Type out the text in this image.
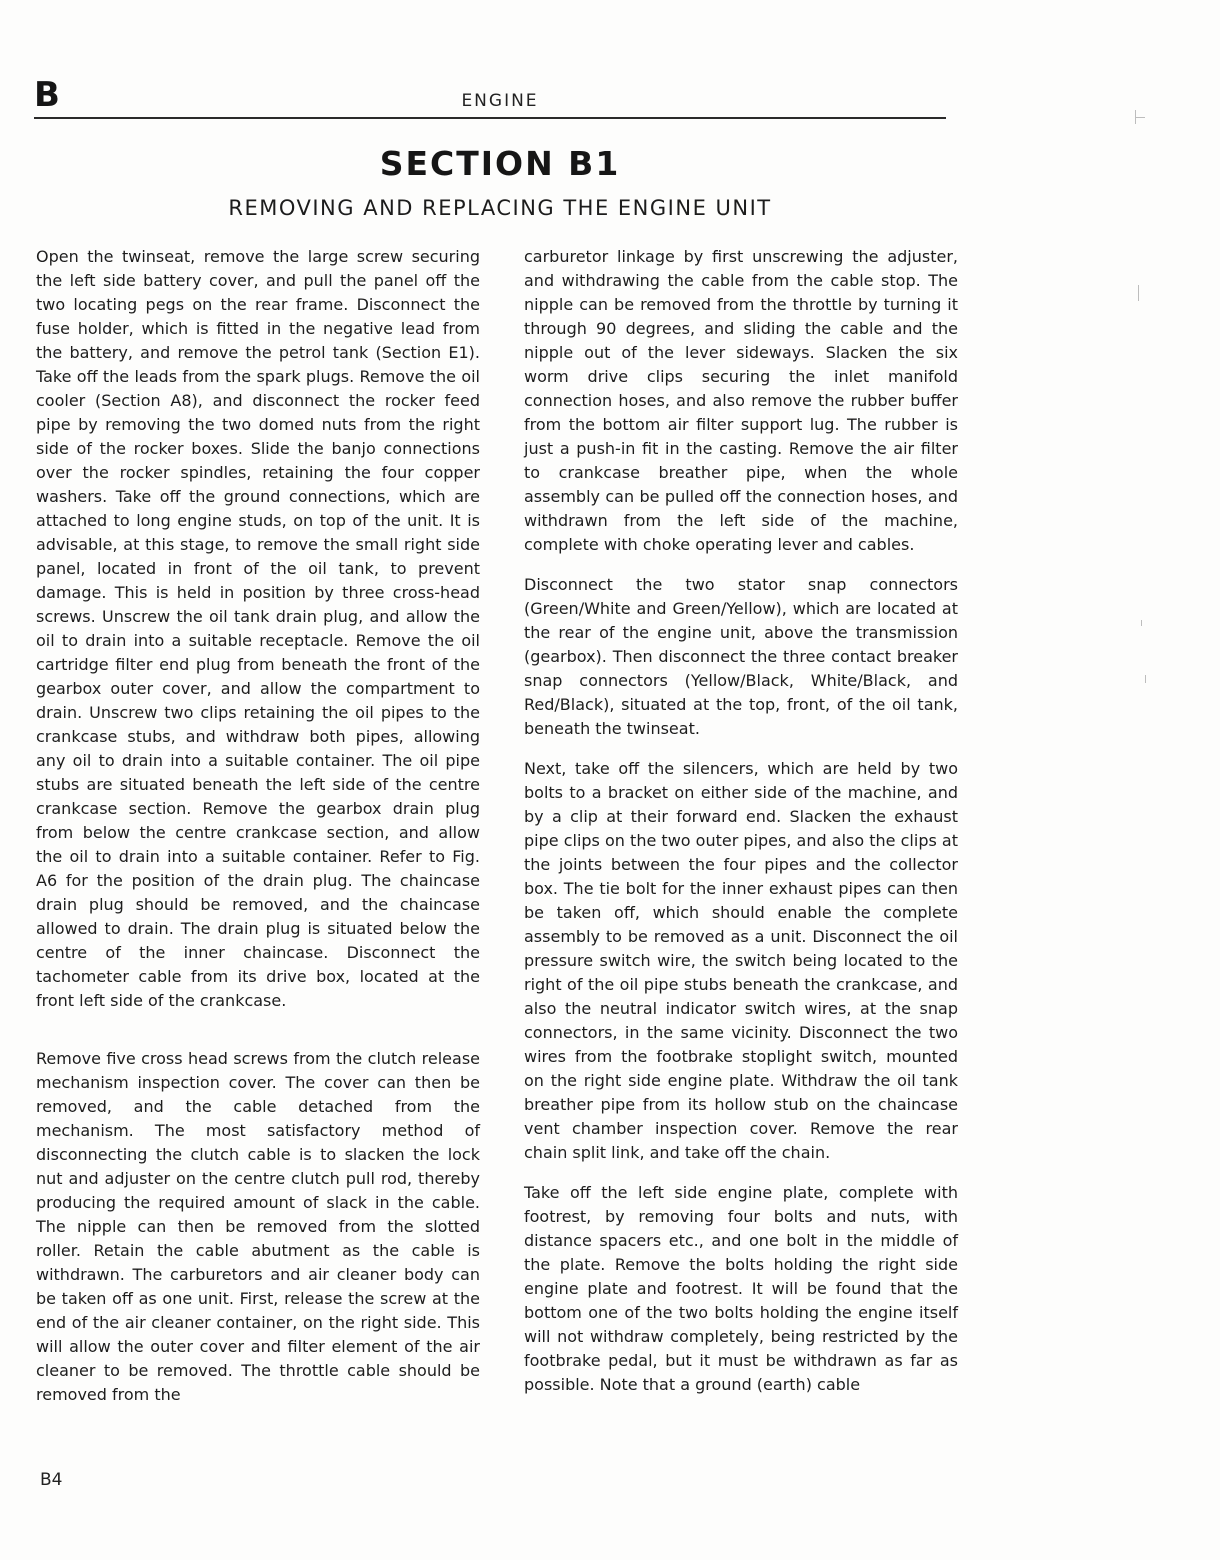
B	ENGINE
SECTION B1
REMOVING AND REPLACING THE ENGINE UNIT

Open the twinseat, remove the large screw securing the left side battery cover, and pull the panel off the two locating pegs on the rear frame. Disconnect the fuse holder, which is fitted in the negative lead from the battery, and remove the petrol tank (Section E1). Take off the leads from the spark plugs. Remove the oil cooler (Section A8), and disconnect the rocker feed pipe by removing the two domed nuts from the right side of the rocker boxes. Slide the banjo connections over the rocker spindles, retaining the four copper washers. Take off the ground connections, which are attached to long engine studs, on top of the unit. It is advisable, at this stage, to remove the small right side panel, located in front of the oil tank, to prevent damage. This is held in position by three cross-head screws. Unscrew the oil tank drain plug, and allow the oil to drain into a suitable receptacle. Remove the oil cartridge filter end plug from beneath the front of the gearbox outer cover, and allow the compartment to drain. Unscrew two clips retaining the oil pipes to the crankcase stubs, and withdraw both pipes, allowing any oil to drain into a suitable container. The oil pipe stubs are situated beneath the left side of the centre crankcase section. Remove the gearbox drain plug from below the centre crankcase section, and allow the oil to drain into a suitable container. Refer to Fig. A6 for the position of the drain plug. The chaincase drain plug should be removed, and the chaincase allowed to drain. The drain plug is situated below the centre of the inner chaincase. Disconnect the tachometer cable from its drive box, located at the front left side of the crankcase.

Remove five cross head screws from the clutch release mechanism inspection cover. The cover can then be removed, and the cable detached from the mechanism. The most satisfactory method of disconnecting the clutch cable is to slacken the lock nut and adjuster on the centre clutch pull rod, thereby producing the required amount of slack in the cable. The nipple can then be removed from the slotted roller. Retain the cable abutment as the cable is withdrawn. The carburetors and air cleaner body can be taken off as one unit. First, release the screw at the end of the air cleaner container, on the right side. This will allow the outer cover and filter element of the air cleaner to be removed. The throttle cable should be removed from the

carburetor linkage by first unscrewing the adjuster, and withdrawing the cable from the cable stop. The nipple can be removed from the throttle by turning it through 90 degrees, and sliding the cable and the nipple out of the lever sideways. Slacken the six worm drive clips securing the inlet manifold connection hoses, and also remove the rubber buffer from the bottom air filter support lug. The rubber is just a push-in fit in the casting. Remove the air filter to crankcase breather pipe, when the whole assembly can be pulled off the connection hoses, and withdrawn from the left side of the machine, complete with choke operating lever and cables.

Disconnect the two stator snap connectors (Green/White and Green/Yellow), which are located at the rear of the engine unit, above the transmission (gearbox). Then disconnect the three contact breaker snap connectors (Yellow/Black, White/Black, and Red/Black), situated at the top, front, of the oil tank, beneath the twinseat.

Next, take off the silencers, which are held by two bolts to a bracket on either side of the machine, and by a clip at their forward end. Slacken the exhaust pipe clips on the two outer pipes, and also the clips at the joints between the four pipes and the collector box. The tie bolt for the inner exhaust pipes can then be taken off, which should enable the complete assembly to be removed as a unit. Disconnect the oil pressure switch wire, the switch being located to the right of the oil pipe stubs beneath the crankcase, and also the neutral indicator switch wires, at the snap connectors, in the same vicinity. Disconnect the two wires from the footbrake stoplight switch, mounted on the right side engine plate. Withdraw the oil tank breather pipe from its hollow stub on the chaincase vent chamber inspection cover. Remove the rear chain split link, and take off the chain.

Take off the left side engine plate, complete with footrest, by removing four bolts and nuts, with distance spacers etc., and one bolt in the middle of the plate. Remove the bolts holding the right side engine plate and footrest. It will be found that the bottom one of the two bolts holding the engine itself will not withdraw completely, being restricted by the footbrake pedal, but it must be withdrawn as far as possible. Note that a ground (earth) cable

B4
